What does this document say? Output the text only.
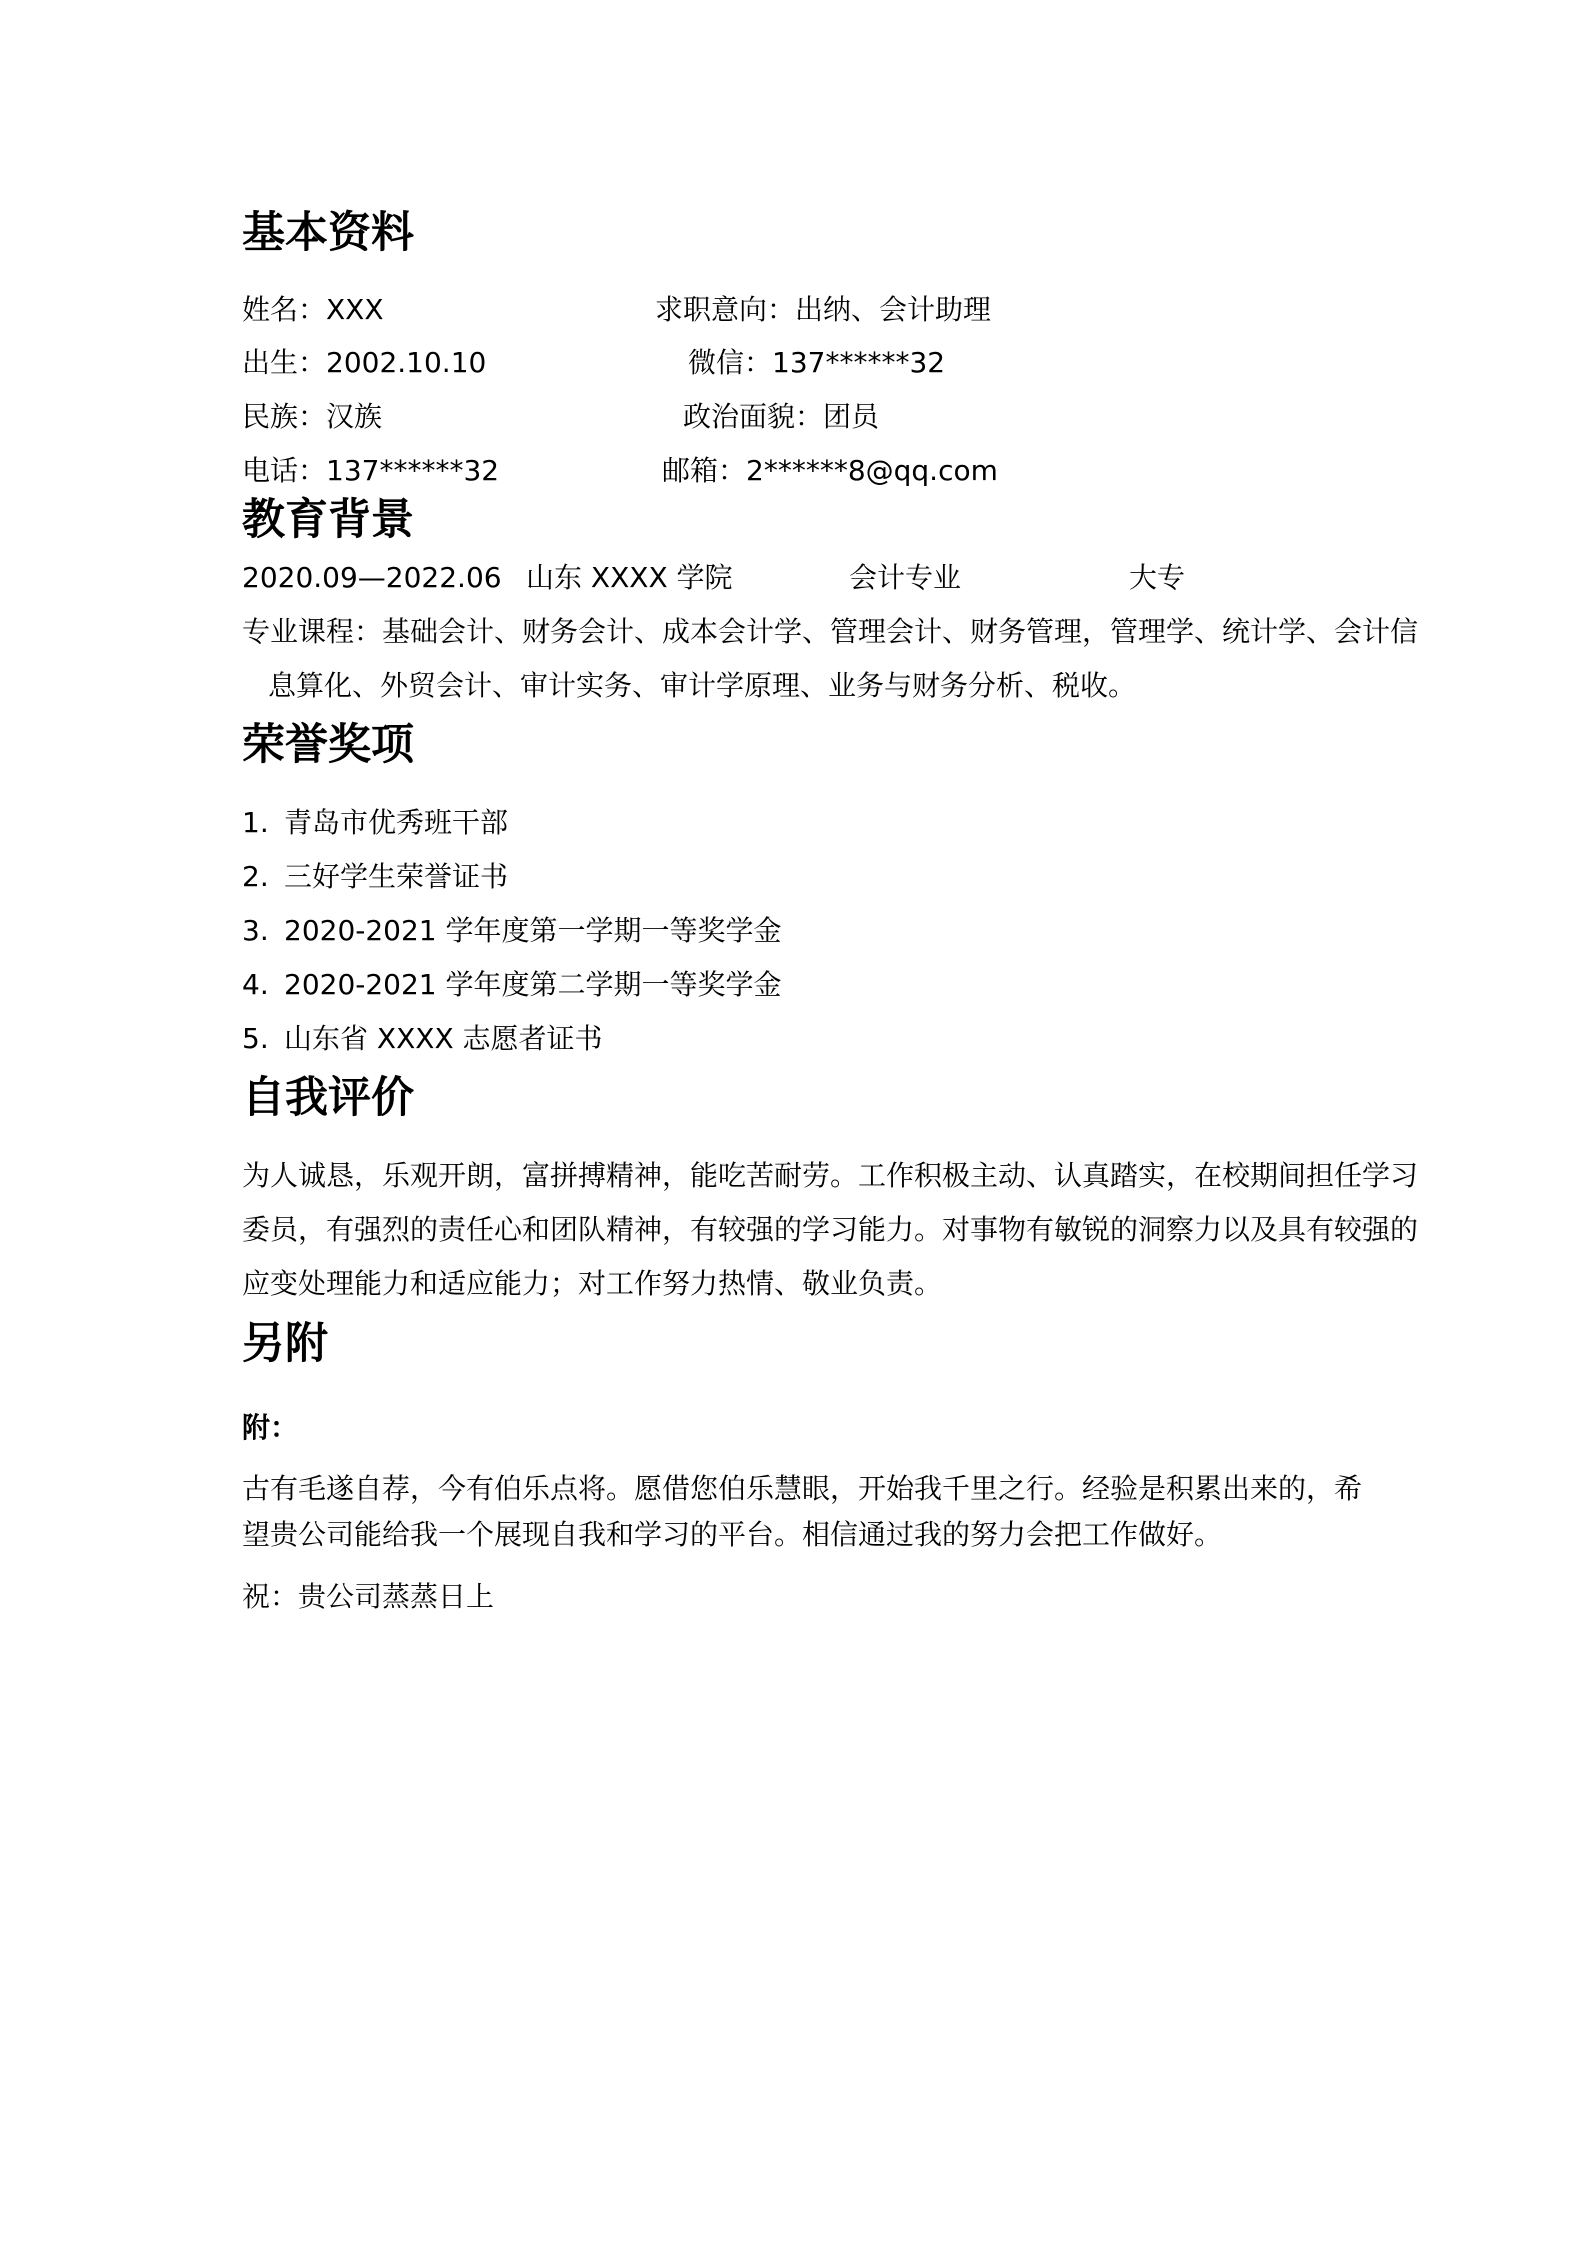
基本资料
姓名：XXX	求职意向：出纳、会计助理
出生：2002.10.10	微信：137******32
民族：汉族	政治面貌：团员
电话：137******32	邮箱：2******8@qq.com
教育背景
2020.09—2022.06 山东 XXXX 学院	会计专业	大专
专业课程：基础会计、财务会计、成本会计学、管理会计、财务管理，管理学、统计学、会计信
息算化、外贸会计、审计实务、审计学原理、业务与财务分析、税收。
荣誉奖项
1. 青岛市优秀班干部
2. 三好学生荣誉证书
3. 2020-2021 学年度第一学期一等奖学金
4. 2020-2021 学年度第二学期一等奖学金
5. 山东省 XXXX 志愿者证书
自我评价
为人诚恳，乐观开朗，富拼搏精神，能吃苦耐劳。工作积极主动、认真踏实，在校期间担任学习
委员，有强烈的责任心和团队精神，有较强的学习能力。对事物有敏锐的洞察力以及具有较强的
应变处理能力和适应能力；对工作努力热情、敬业负责。
另附
附：
古有毛遂自荐，今有伯乐点将。愿借您伯乐慧眼，开始我千里之行。经验是积累出来的，希
望贵公司能给我一个展现自我和学习的平台。相信通过我的努力会把工作做好。
祝：贵公司蒸蒸日上
